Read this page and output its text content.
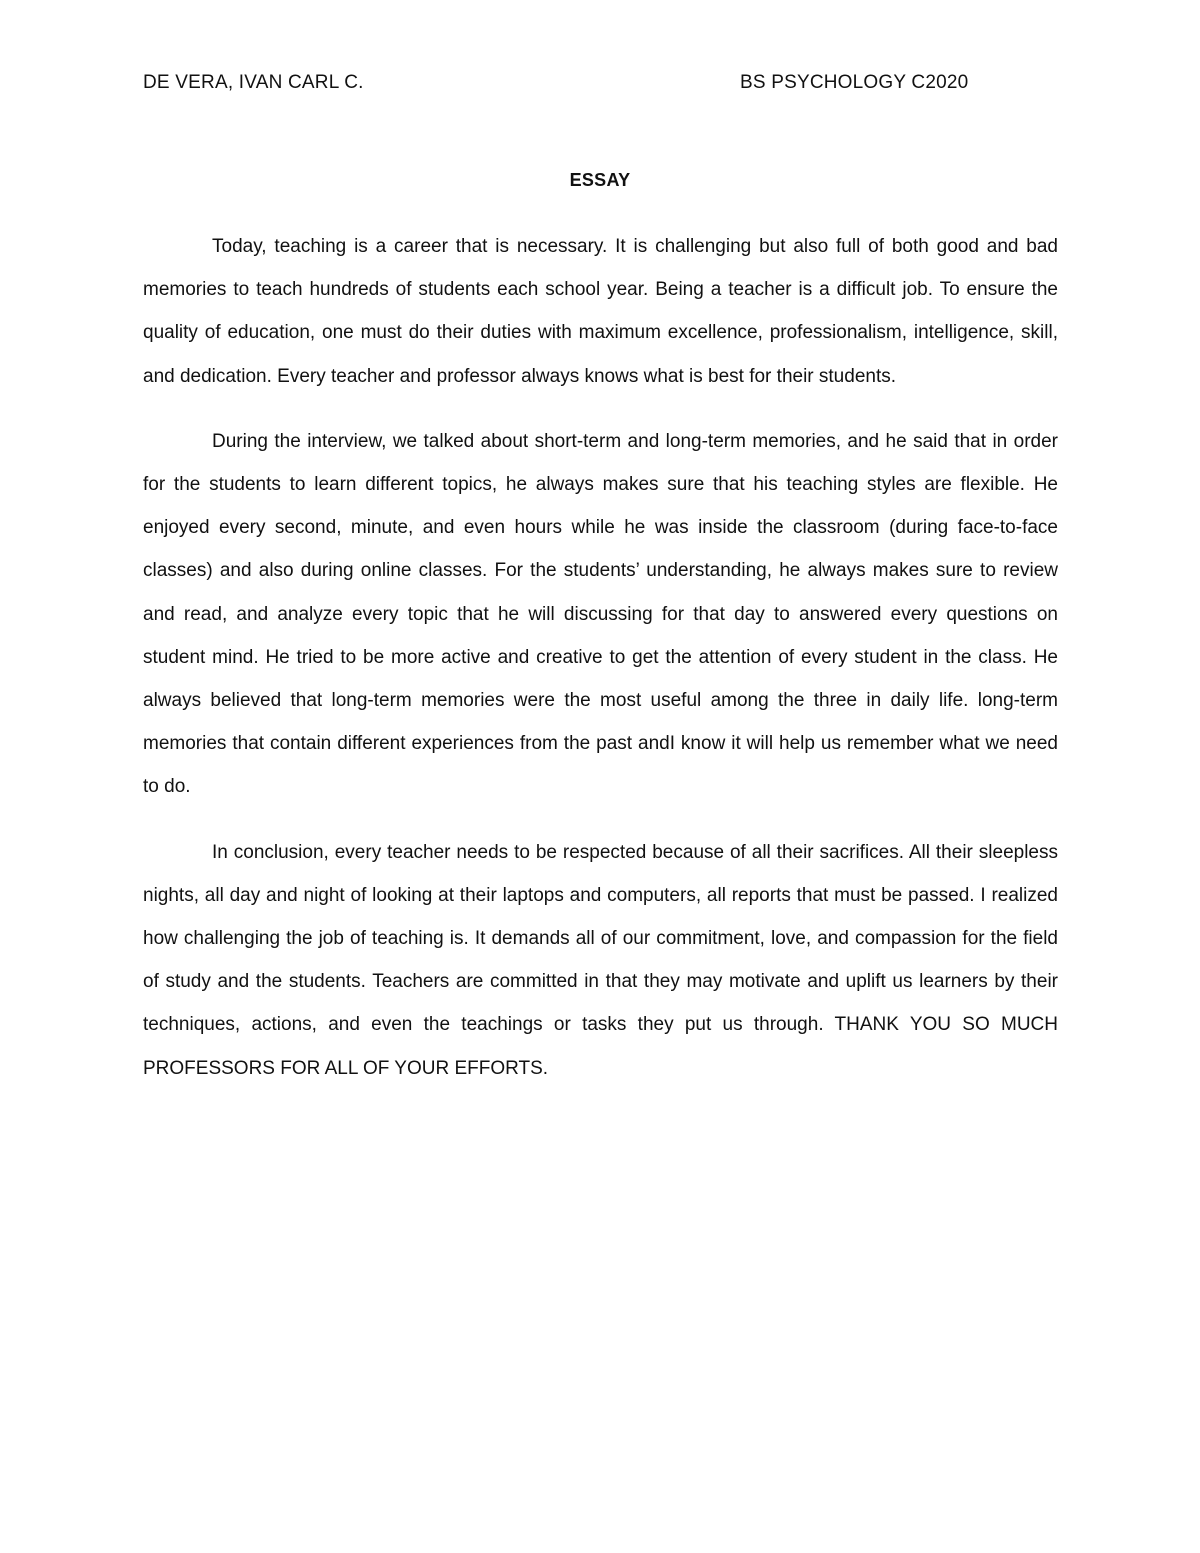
DE VERA, IVAN CARL C.	BS PSYCHOLOGY C2020
ESSAY

Today, teaching is a career that is necessary. It is challenging but also full of both good and bad memories to teach hundreds of students each school year. Being a teacher is a difficult job. To ensure the quality of education, one must do their duties with maximum excellence, professionalism, intelligence, skill, and dedication. Every teacher and professor always knows what is best for their students.

During the interview, we talked about short-term and long-term memories, and he said that in order for the students to learn different topics, he always makes sure that his teaching styles are flexible. He enjoyed every second, minute, and even hours while he was inside the classroom (during face-to-face classes) and also during online classes. For the students’ understanding, he always makes sure to review and read, and analyze every topic that he will discussing for that day to answered every questions on student mind. He tried to be more active and creative to get the attention of every student in the class. He always believed that long-term memories were the most useful among the three in daily life. long-term memories that contain different experiences from the past andI know it will help us remember what we need to do.

In conclusion, every teacher needs to be respected because of all their sacrifices. All their sleepless nights, all day and night of looking at their laptops and computers, all reports that must be passed. I realized how challenging the job of teaching is. It demands all of our commitment, love, and compassion for the field of study and the students. Teachers are committed in that they may motivate and uplift us learners by their techniques, actions, and even the teachings or tasks they put us through. THANK YOU SO MUCH PROFESSORS FOR ALL OF YOUR EFFORTS.
